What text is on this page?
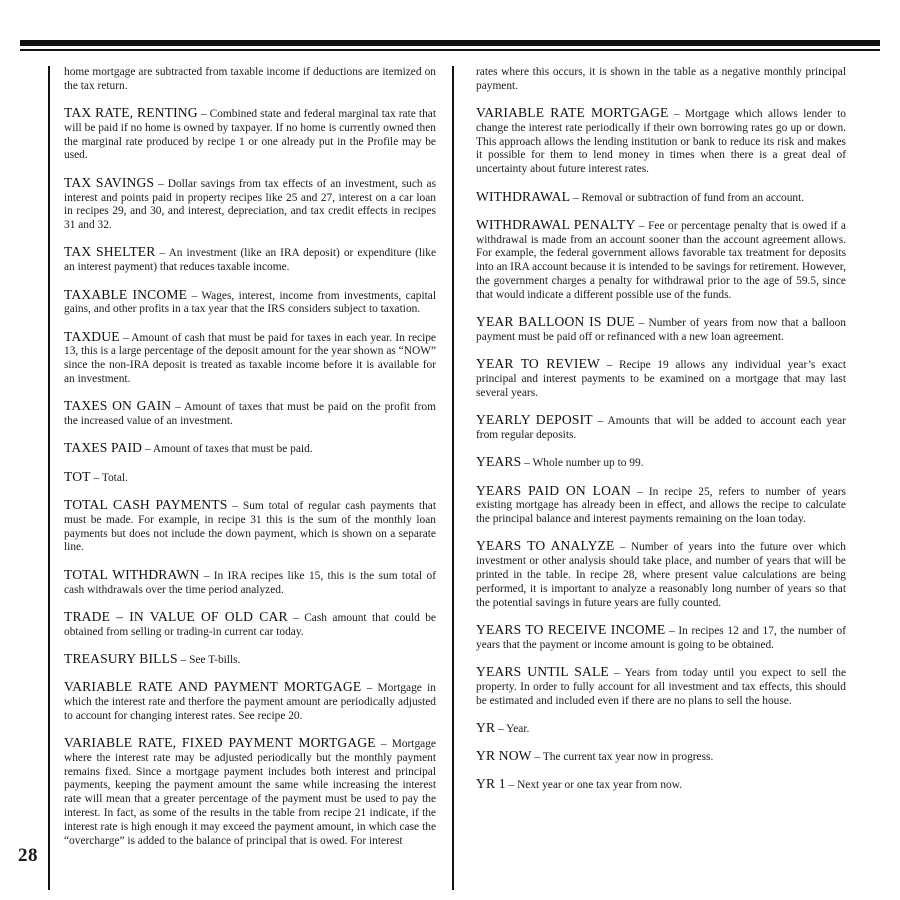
28

home mortgage are subtracted from taxable income if deductions are itemized on the tax return.

TAX RATE, RENTING – Combined state and federal marginal tax rate that will be paid if no home is owned by taxpayer. If no home is currently owned then the marginal rate produced by recipe 1 or one already put in the Profile may be used.

TAX SAVINGS – Dollar savings from tax effects of an investment, such as interest and points paid in property recipes like 25 and 27, interest on a car loan in recipes 29, and 30, and interest, depreciation, and tax credit effects in recipes 31 and 32.

TAX SHELTER – An investment (like an IRA deposit) or expenditure (like an interest payment) that reduces taxable income.

TAXABLE INCOME – Wages, interest, income from investments, capital gains, and other profits in a tax year that the IRS considers subject to taxation.

TAXDUE – Amount of cash that must be paid for taxes in each year. In recipe 13, this is a large percentage of the deposit amount for the year shown as “NOW” since the non-IRA deposit is treated as taxable income before it is available for an investment.

TAXES ON GAIN – Amount of taxes that must be paid on the profit from the increased value of an investment.

TAXES PAID – Amount of taxes that must be paid.

TOT – Total.

TOTAL CASH PAYMENTS – Sum total of regular cash payments that must be made. For example, in recipe 31 this is the sum of the monthly loan payments but does not include the down payment, which is shown on a separate line.

TOTAL WITHDRAWN – In IRA recipes like 15, this is the sum total of cash withdrawals over the time period analyzed.

TRADE – IN VALUE OF OLD CAR – Cash amount that could be obtained from selling or trading-in current car today.

TREASURY BILLS – See T-bills.

VARIABLE RATE AND PAYMENT MORTGAGE – Mortgage in which the interest rate and therfore the payment amount are periodically adjusted to account for changing interest rates. See recipe 20.

VARIABLE RATE, FIXED PAYMENT MORTGAGE – Mortgage where the interest rate may be adjusted periodically but the monthly payment remains fixed. Since a mortgage payment includes both interest and principal payments, keeping the payment amount the same while increasing the interest rate will mean that a greater percentage of the payment must be used to pay the interest. In fact, as some of the results in the table from recipe 21 indicate, if the interest rate is high enough it may exceed the payment amount, in which case the “overcharge” is added to the balance of principal that is owed. For interest

rates where this occurs, it is shown in the table as a negative monthly principal payment.

VARIABLE RATE MORTGAGE – Mortgage which allows lender to change the interest rate periodically if their own borrowing rates go up or down. This approach allows the lending institution or bank to reduce its risk and makes it possible for them to lend money in times when there is a great deal of uncertainty about future interest rates.

WITHDRAWAL – Removal or subtraction of fund from an account.

WITHDRAWAL PENALTY – Fee or percentage penalty that is owed if a withdrawal is made from an account sooner than the account agreement allows. For example, the federal government allows favorable tax treatment for deposits into an IRA account because it is intended to be savings for retirement. However, the government charges a penalty for withdrawal prior to the age of 59.5, since that would indicate a different possible use of the funds.

YEAR BALLOON IS DUE – Number of years from now that a balloon payment must be paid off or refinanced with a new loan agreement.

YEAR TO REVIEW – Recipe 19 allows any individual year’s exact principal and interest payments to be examined on a mortgage that may last several years.

YEARLY DEPOSIT – Amounts that will be added to account each year from regular deposits.

YEARS – Whole number up to 99.

YEARS PAID ON LOAN – In recipe 25, refers to number of years existing mortgage has already been in effect, and allows the recipe to calculate the principal balance and interest payments remaining on the loan today.

YEARS TO ANALYZE – Number of years into the future over which investment or other analysis should take place, and number of years that will be printed in the table. In recipe 28, where present value calculations are being performed, it is important to analyze a reasonably long number of years so that the potential savings in future years are fully counted.

YEARS TO RECEIVE INCOME – In recipes 12 and 17, the number of years that the payment or income amount is going to be obtained.

YEARS UNTIL SALE – Years from today until you expect to sell the property. In order to fully account for all investment and tax effects, this should be estimated and included even if there are no plans to sell the house.

YR – Year.

YR NOW – The current tax year now in progress.

YR 1 – Next year or one tax year from now.
